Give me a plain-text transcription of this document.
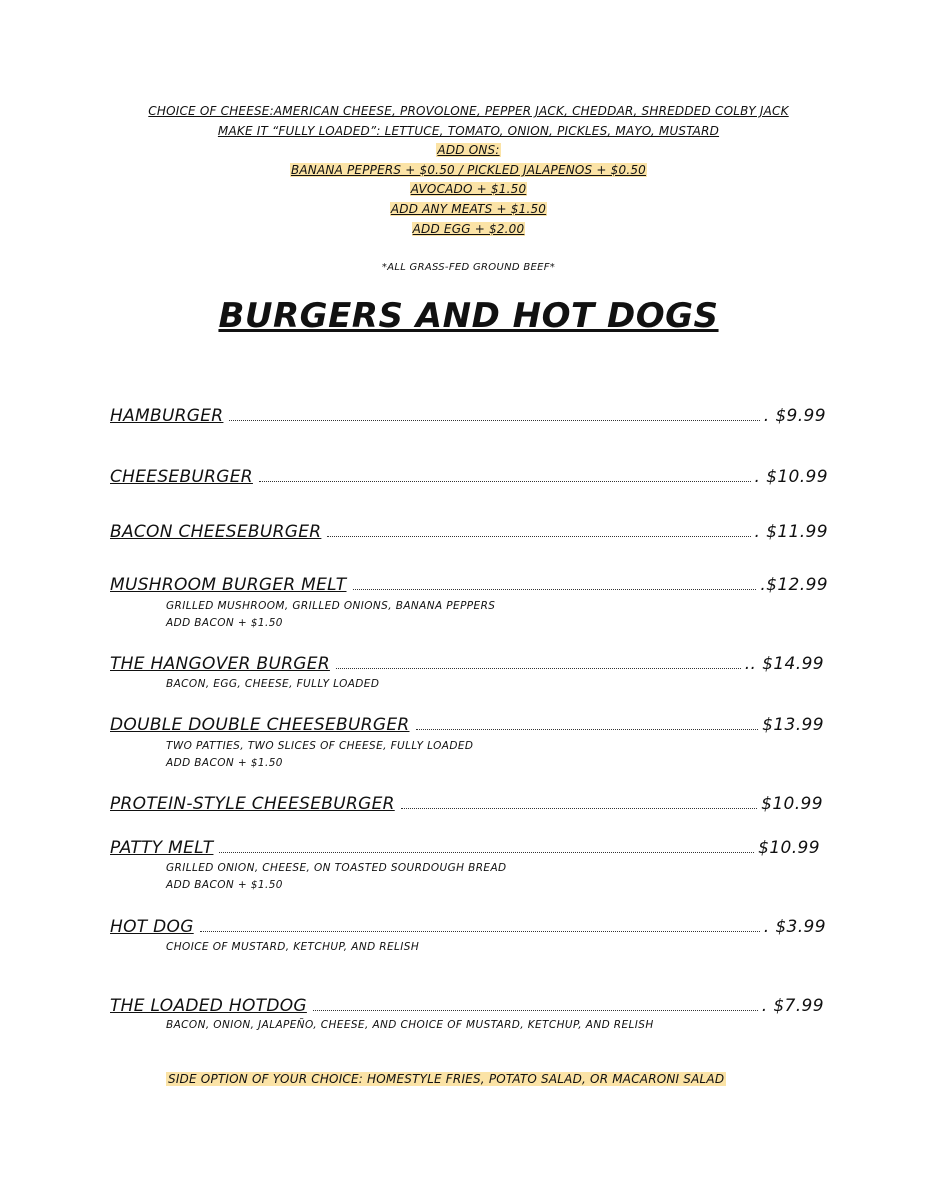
CHOICE OF CHEESE:AMERICAN CHEESE, PROVOLONE, PEPPER JACK, CHEDDAR, SHREDDED COLBY JACK
MAKE IT “FULLY LOADED”: LETTUCE, TOMATO, ONION, PICKLES, MAYO, MUSTARD
ADD ONS:
BANANA PEPPERS + $0.50 / PICKLED JALAPENOS + $0.50
AVOCADO + $1.50
ADD ANY MEATS + $1.50
ADD EGG + $2.00
*ALL GRASS-FED GROUND BEEF*
BURGERS AND HOT DOGS
HAMBURGER	. $9.99
CHEESEBURGER	. $10.99
BACON CHEESEBURGER	. $11.99
MUSHROOM BURGER MELT	.$12.99
GRILLED MUSHROOM, GRILLED ONIONS, BANANA PEPPERS
ADD BACON + $1.50
THE HANGOVER BURGER	.. $14.99
BACON, EGG, CHEESE, FULLY LOADED
DOUBLE DOUBLE CHEESEBURGER	$13.99
TWO PATTIES, TWO SLICES OF CHEESE, FULLY LOADED
ADD BACON + $1.50
PROTEIN-STYLE CHEESEBURGER	$10.99
PATTY MELT	$10.99
GRILLED ONION, CHEESE, ON TOASTED SOURDOUGH BREAD
ADD BACON + $1.50
HOT DOG	. $3.99
CHOICE OF MUSTARD, KETCHUP, AND RELISH
THE LOADED HOTDOG	. $7.99
BACON, ONION, JALAPEÑO, CHEESE, AND CHOICE OF MUSTARD, KETCHUP, AND RELISH
SIDE OPTION OF YOUR CHOICE: HOMESTYLE FRIES, POTATO SALAD, OR MACARONI SALAD
